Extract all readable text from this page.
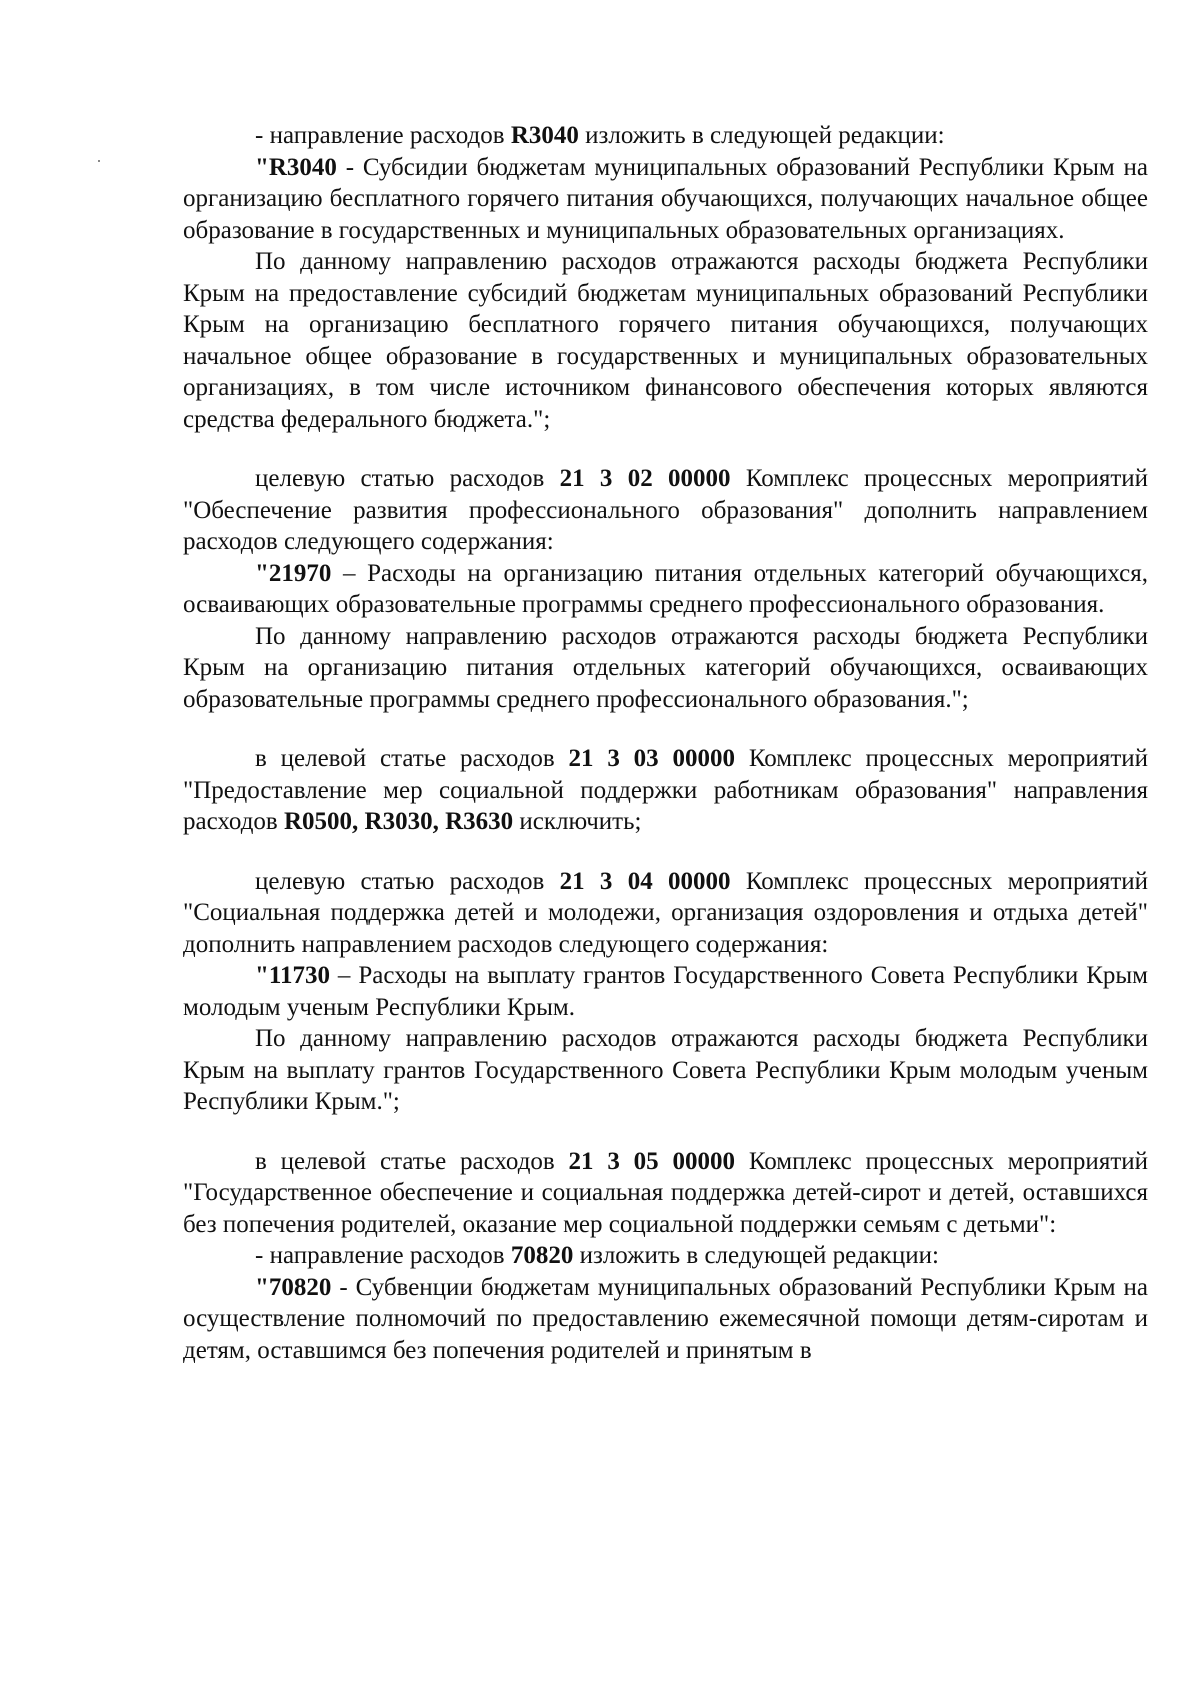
- направление расходов R3040 изложить в следующей редакции:

"R3040 - Субсидии бюджетам муниципальных образований Республики Крым на организацию бесплатного горячего питания обучающихся, получающих начальное общее образование в государственных и муниципальных образовательных организациях.

По данному направлению расходов отражаются расходы бюджета Республики Крым на предоставление субсидий бюджетам муниципальных образований Республики Крым на организацию бесплатного горячего питания обучающихся, получающих начальное общее образование в государственных и муниципальных образовательных организациях, в том числе источником финансового обеспечения которых являются средства федерального бюджета.";

целевую статью расходов 21 3 02 00000 Комплекс процессных мероприятий "Обеспечение развития профессионального образования" дополнить направлением расходов следующего содержания:

"21970 – Расходы на организацию питания отдельных категорий обучающихся, осваивающих образовательные программы среднего профессионального образования.

По данному направлению расходов отражаются расходы бюджета Республики Крым на организацию питания отдельных категорий обучающихся, осваивающих образовательные программы среднего профессионального образования.";

в целевой статье расходов 21 3 03 00000 Комплекс процессных мероприятий "Предоставление мер социальной поддержки работникам образования" направления расходов R0500, R3030, R3630 исключить;

целевую статью расходов 21 3 04 00000 Комплекс процессных мероприятий "Социальная поддержка детей и молодежи, организация оздоровления и отдыха детей" дополнить направлением расходов следующего содержания:

"11730 – Расходы на выплату грантов Государственного Совета Республики Крым молодым ученым Республики Крым.

По данному направлению расходов отражаются расходы бюджета Республики Крым на выплату грантов Государственного Совета Республики Крым молодым ученым Республики Крым.";

в целевой статье расходов 21 3 05 00000 Комплекс процессных мероприятий "Государственное обеспечение и социальная поддержка детей-сирот и детей, оставшихся без попечения родителей, оказание мер социальной поддержки семьям с детьми":

- направление расходов 70820 изложить в следующей редакции:

"70820 - Субвенции бюджетам муниципальных образований Республики Крым на осуществление полномочий по предоставлению ежемесячной помощи детям-сиротам и детям, оставшимся без попечения родителей и принятым в
